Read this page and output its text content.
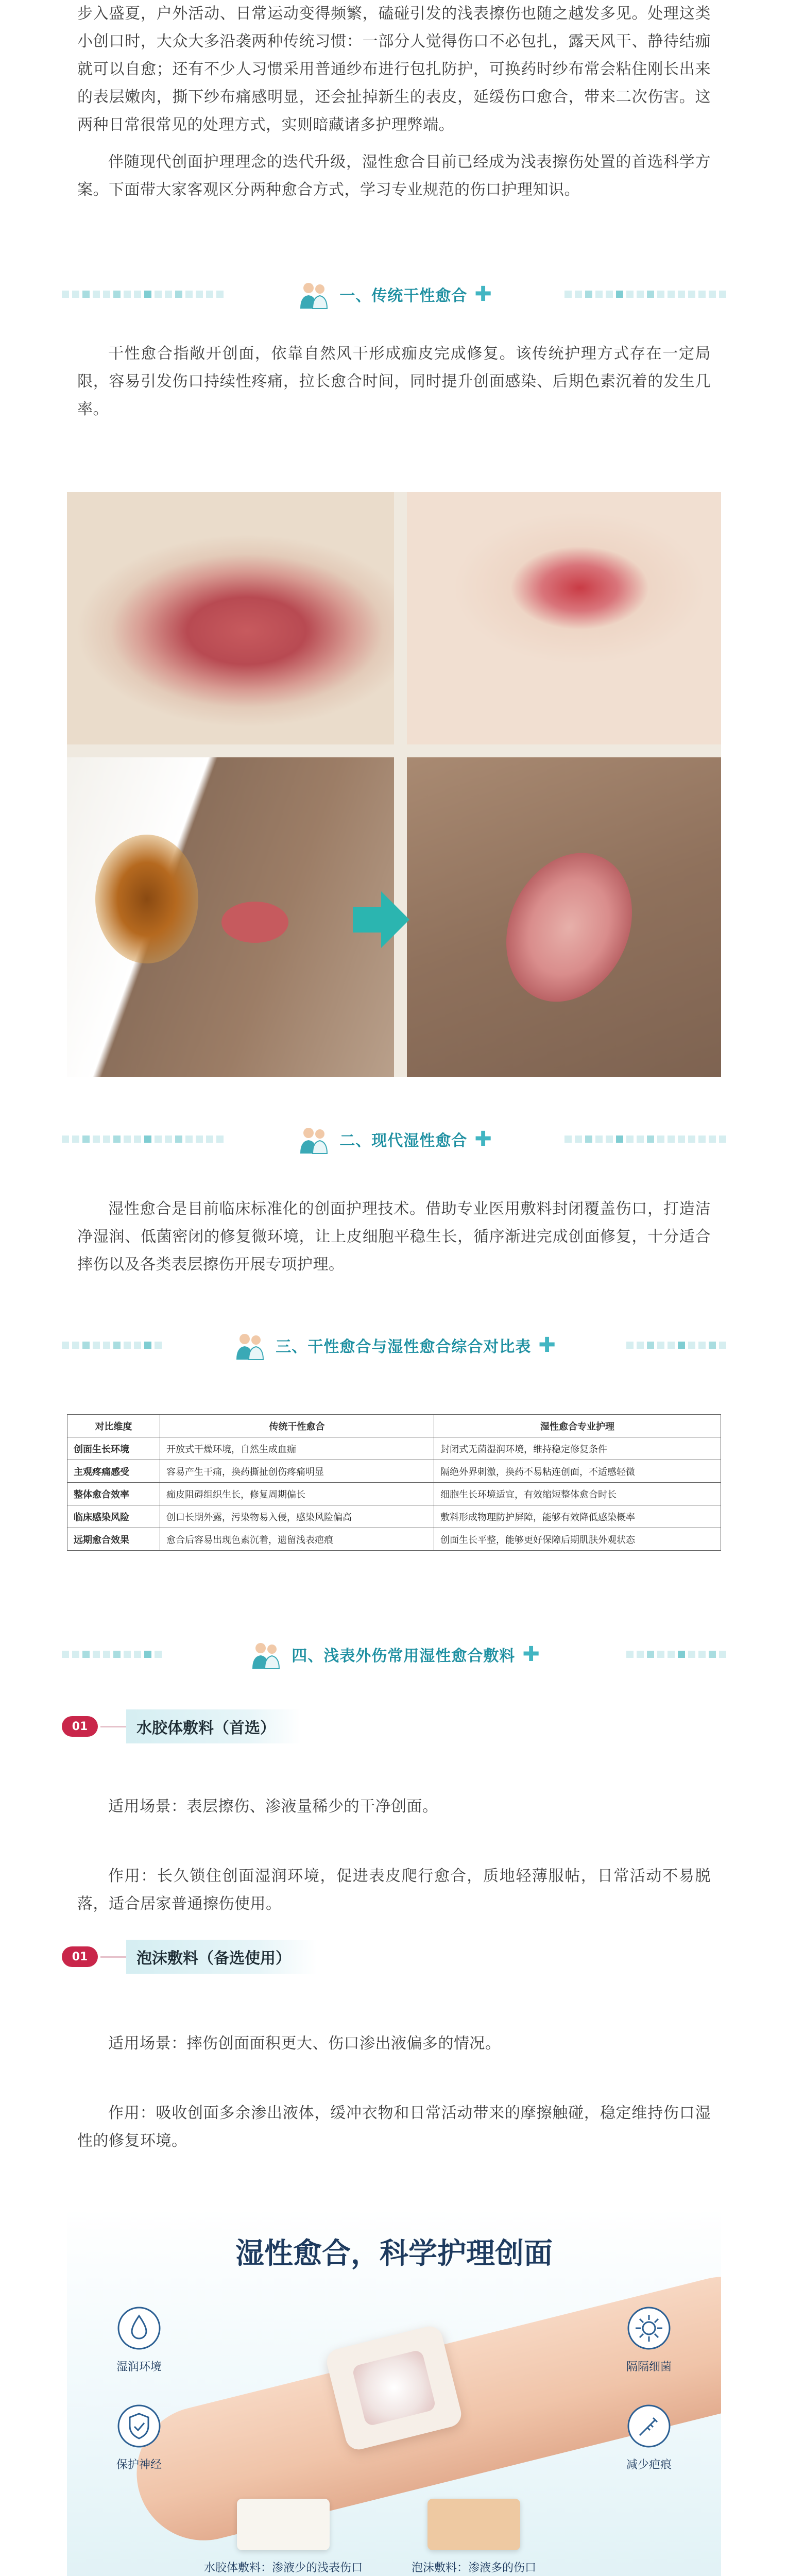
步入盛夏，户外活动、日常运动变得频繁，磕碰引发的浅表擦伤也随之越发多见。处理这类小创口时，大众大多沿袭两种传统习惯：一部分人觉得伤口不必包扎，露天风干、静待结痂就可以自愈；还有不少人习惯采用普通纱布进行包扎防护，可换药时纱布常会粘住刚长出来的表层嫩肉，撕下纱布痛感明显，还会扯掉新生的表皮，延缓伤口愈合，带来二次伤害。这两种日常很常见的处理方式，实则暗藏诸多护理弊端。

伴随现代创面护理理念的迭代升级，湿性愈合目前已经成为浅表擦伤处置的首选科学方案。下面带大家客观区分两种愈合方式，学习专业规范的伤口护理知识。

一、传统干性愈合 ✚

干性愈合指敞开创面，依靠自然风干形成痂皮完成修复。该传统护理方式存在一定局限，容易引发伤口持续性疼痛，拉长愈合时间，同时提升创面感染、后期色素沉着的发生几率。

二、现代湿性愈合 ✚

湿性愈合是目前临床标准化的创面护理技术。借助专业医用敷料封闭覆盖伤口，打造洁净湿润、低菌密闭的修复微环境，让上皮细胞平稳生长，循序渐进完成创面修复，十分适合摔伤以及各类表层擦伤开展专项护理。

三、干性愈合与湿性愈合综合对比表 ✚
对比维度	传统干性愈合	湿性愈合专业护理
创面生长环境	开放式干燥环境，自然生成血痂	封闭式无菌湿润环境，维持稳定修复条件
主观疼痛感受	容易产生干痛，换药撕扯创伤疼痛明显	隔绝外界刺激，换药不易粘连创面，不适感轻微
整体愈合效率	痂皮阻碍组织生长，修复周期偏长	细胞生长环境适宜，有效缩短整体愈合时长
临床感染风险	创口长期外露，污染物易入侵，感染风险偏高	敷料形成物理防护屏障，能够有效降低感染概率
远期愈合效果	愈合后容易出现色素沉着，遗留浅表疤痕	创面生长平整，能够更好保障后期肌肤外观状态
四、浅表外伤常用湿性愈合敷料 ✚
01	水胶体敷料（首选）

适用场景：表层擦伤、渗液量稀少的干净创面。

作用：长久锁住创面湿润环境，促进表皮爬行愈合，质地轻薄服帖，日常活动不易脱落，适合居家普通擦伤使用。

01	泡沫敷料（备选使用）

适用场景：摔伤创面面积更大、伤口渗出液偏多的情况。

作用：吸收创面多余渗出液体，缓冲衣物和日常活动带来的摩擦触碰，稳定维持伤口湿性的修复环境。

湿性愈合，科学护理创面
湿润环境	隔隔细菌
保护神经	减少疤痕
水胶体敷料：渗液少的浅表伤口	泡沫敷料：渗液多的伤口
